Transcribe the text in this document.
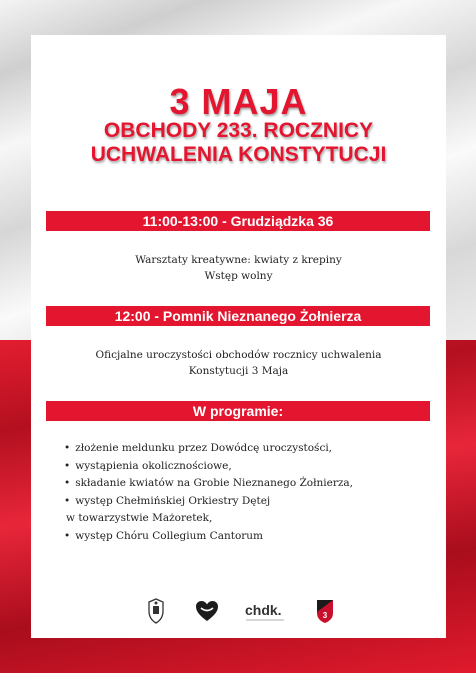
3 MAJA
OBCHODY 233. ROCZNICY
UCHWALENIA KONSTYTUCJI
11:00-13:00 - Grudziądzka 36
Warsztaty kreatywne: kwiaty z krepiny
Wstęp wolny
12:00 - Pomnik Nieznanego Żołnierza
Oficjalne uroczystości obchodów rocznicy uchwalenia
Konstytucji 3 Maja
W programie:
• złożenie meldunku przez Dowódcę uroczystości,
• wystąpienia okolicznościowe,
• składanie kwiatów na Grobie Nieznanego Żołnierza,
• występ Chełmińskiej Orkiestry Dętej
w towarzystwie Mażoretek,
• występ Chóru Collegium Cantorum
chdk.	3
